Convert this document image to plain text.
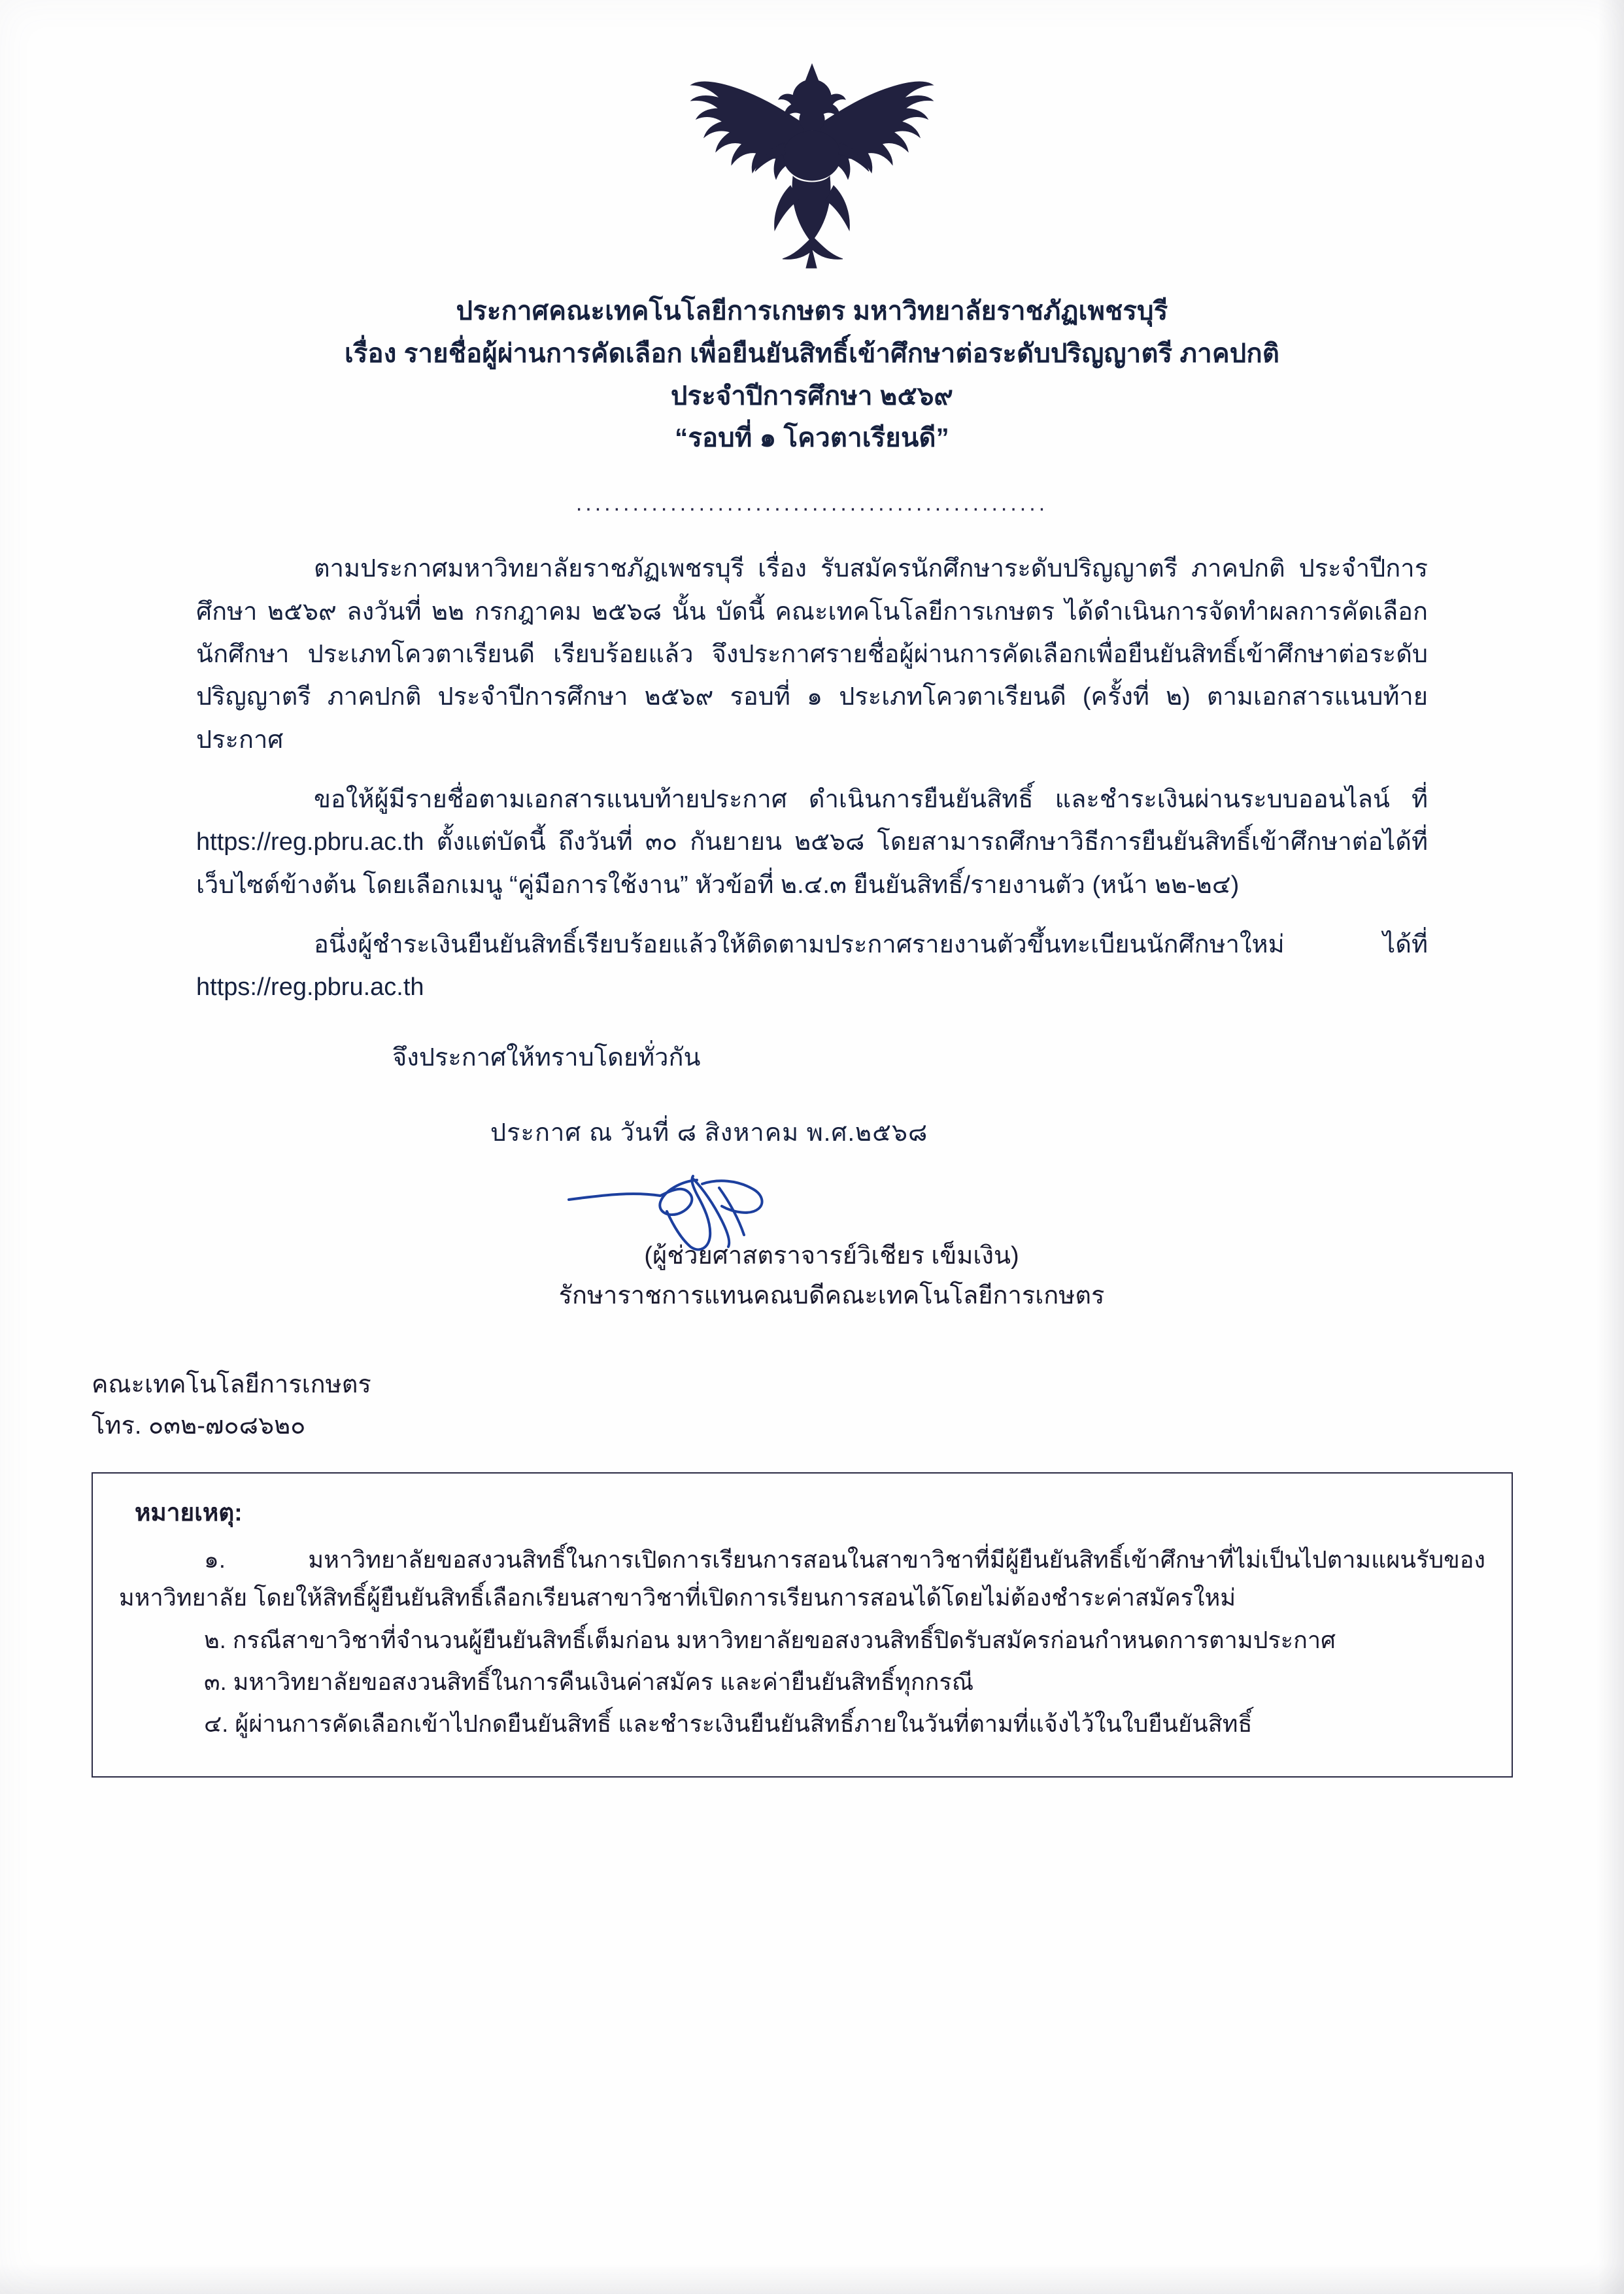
ประกาศคณะเทคโนโลยีการเกษตร มหาวิทยาลัยราชภัฏเพชรบุรี
เรื่อง รายชื่อผู้ผ่านการคัดเลือก เพื่อยืนยันสิทธิ์เข้าศึกษาต่อระดับปริญญาตรี ภาคปกติ
ประจำปีการศึกษา ๒๕๖๙
“รอบที่ ๑ โควตาเรียนดี”
..................................................
ตามประกาศมหาวิทยาลัยราชภัฏเพชรบุรี เรื่อง รับสมัครนักศึกษาระดับปริญญาตรี ภาคปกติ ประจำปีการศึกษา ๒๕๖๙ ลงวันที่ ๒๒ กรกฎาคม ๒๕๖๘ นั้น บัดนี้ คณะเทคโนโลยีการเกษตร ได้ดำเนินการจัดทำผลการคัดเลือกนักศึกษา ประเภทโควตาเรียนดี เรียบร้อยแล้ว จึงประกาศรายชื่อผู้ผ่านการคัดเลือกเพื่อยืนยันสิทธิ์เข้าศึกษาต่อระดับปริญญาตรี ภาคปกติ ประจำปีการศึกษา ๒๕๖๙ รอบที่ ๑ ประเภทโควตาเรียนดี (ครั้งที่ ๒) ตามเอกสารแนบท้ายประกาศ
ขอให้ผู้มีรายชื่อตามเอกสารแนบท้ายประกาศ ดำเนินการยืนยันสิทธิ์ และชำระเงินผ่านระบบออนไลน์ ที่ https://reg.pbru.ac.th ตั้งแต่บัดนี้ ถึงวันที่ ๓๐ กันยายน ๒๕๖๘ โดยสามารถศึกษาวิธีการยืนยันสิทธิ์เข้าศึกษาต่อได้ที่เว็บไซต์ข้างต้น โดยเลือกเมนู “คู่มือการใช้งาน” หัวข้อที่ ๒.๔.๓ ยืนยันสิทธิ์/รายงานตัว (หน้า ๒๒-๒๔)
อนึ่งผู้ชำระเงินยืนยันสิทธิ์เรียบร้อยแล้วให้ติดตามประกาศรายงานตัวขึ้นทะเบียนนักศึกษาใหม่ ได้ที่ https://reg.pbru.ac.th
จึงประกาศให้ทราบโดยทั่วกัน
ประกาศ ณ วันที่ ๘ สิงหาคม พ.ศ.๒๕๖๘
(ผู้ช่วยศาสตราจารย์วิเชียร เข็มเงิน)
รักษาราชการแทนคณบดีคณะเทคโนโลยีการเกษตร
คณะเทคโนโลยีการเกษตร
โทร. ๐๓๒-๗๐๘๖๒๐
หมายเหตุ:
๑. มหาวิทยาลัยขอสงวนสิทธิ์ในการเปิดการเรียนการสอนในสาขาวิชาที่มีผู้ยืนยันสิทธิ์เข้าศึกษาที่ไม่เป็นไปตามแผนรับของมหาวิทยาลัย โดยให้สิทธิ์ผู้ยืนยันสิทธิ์เลือกเรียนสาขาวิชาที่เปิดการเรียนการสอนได้โดยไม่ต้องชำระค่าสมัครใหม่
๒. กรณีสาขาวิชาที่จำนวนผู้ยืนยันสิทธิ์เต็มก่อน มหาวิทยาลัยขอสงวนสิทธิ์ปิดรับสมัครก่อนกำหนดการตามประกาศ
๓. มหาวิทยาลัยขอสงวนสิทธิ์ในการคืนเงินค่าสมัคร และค่ายืนยันสิทธิ์ทุกกรณี
๔. ผู้ผ่านการคัดเลือกเข้าไปกดยืนยันสิทธิ์ และชำระเงินยืนยันสิทธิ์ภายในวันที่ตามที่แจ้งไว้ในใบยืนยันสิทธิ์
